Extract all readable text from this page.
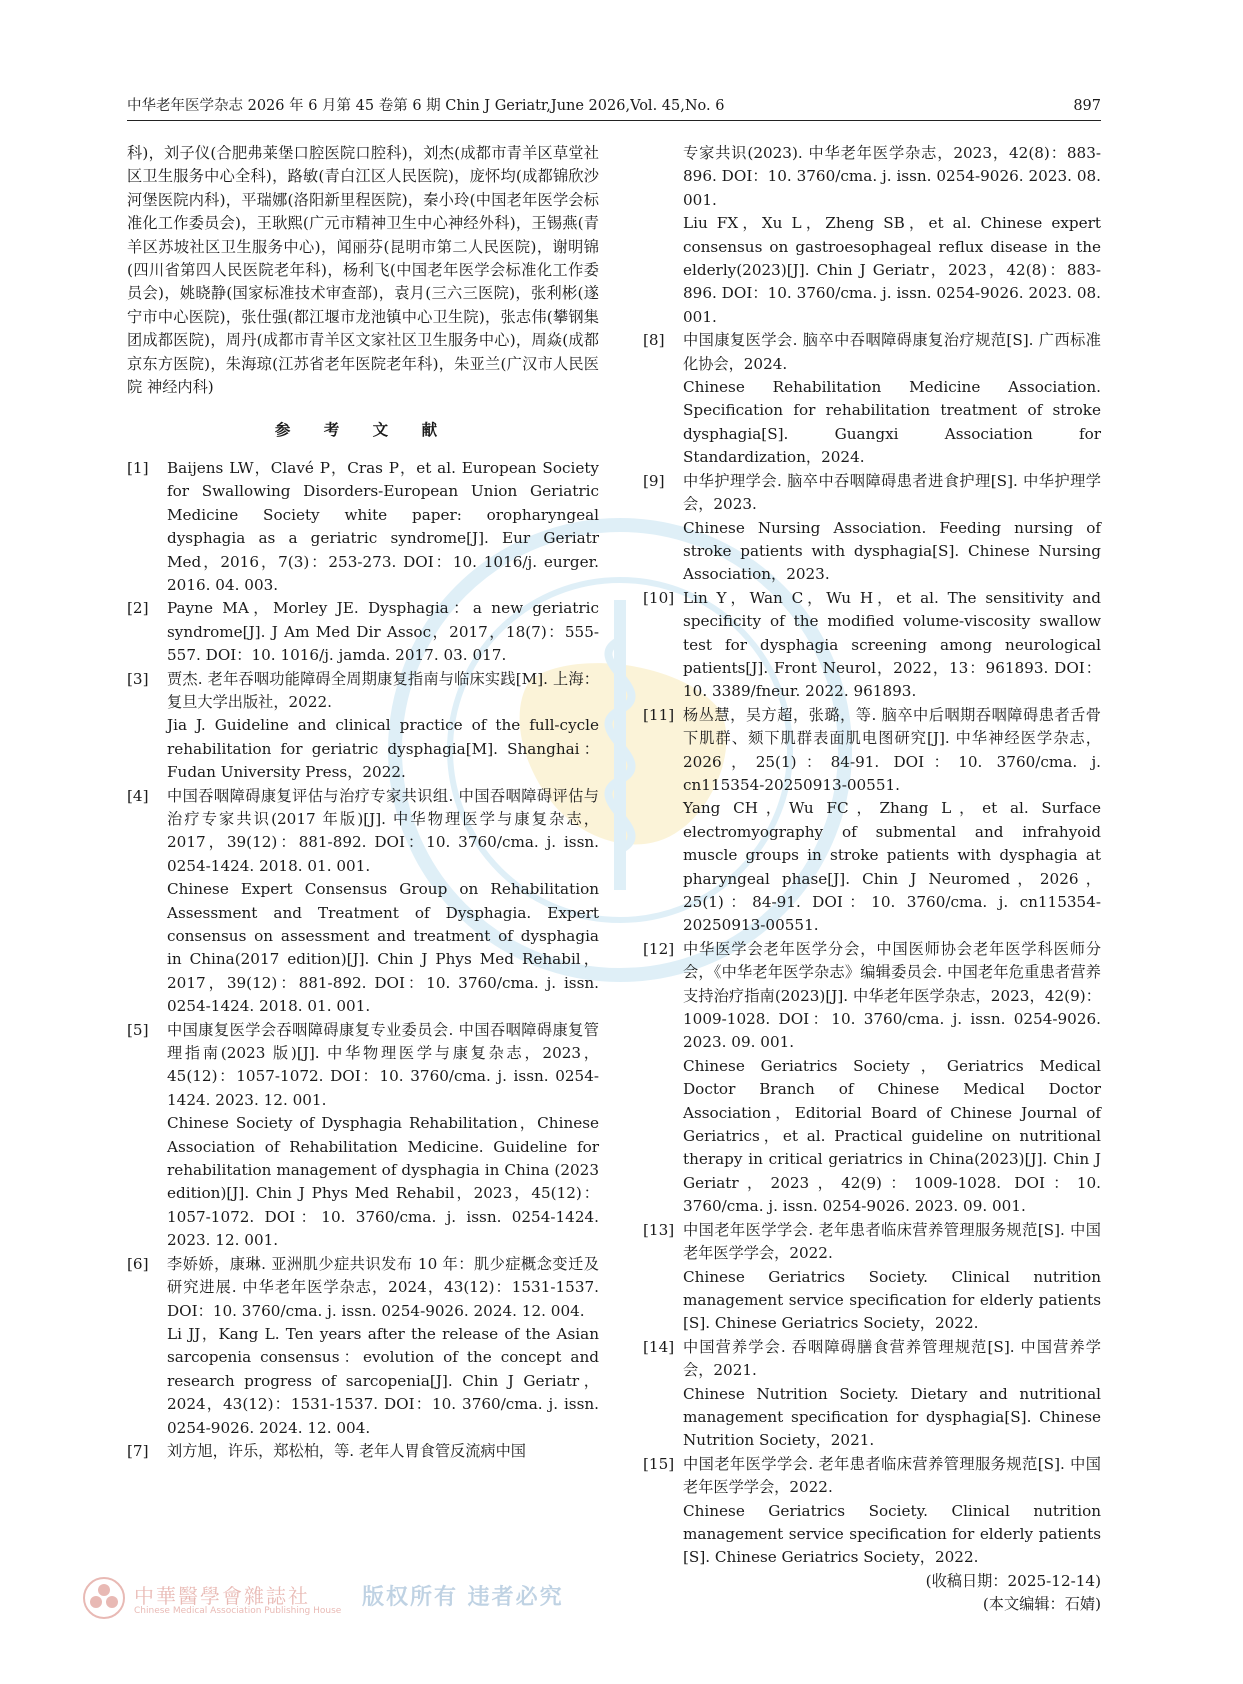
中华老年医学杂志 2026 年 6 月第 45 卷第 6 期 Chin J Geriatr,June 2026,Vol. 45,No. 6	897

科)，刘子仪(合肥弗莱堡口腔医院口腔科)，刘杰(成都市青羊区草堂社区卫生服务中心全科)，路敏(青白江区人民医院)，庞怀均(成都锦欣沙河堡医院内科)，平瑞娜(洛阳新里程医院)，秦小玲(中国老年医学会标准化工作委员会)，王耿熙(广元市精神卫生中心神经外科)，王锡燕(青羊区苏坡社区卫生服务中心)，闻丽芬(昆明市第二人民医院)，谢明锦(四川省第四人民医院老年科)，杨利飞(中国老年医学会标准化工作委员会)，姚晓静(国家标准技术审查部)，袁月(三六三医院)，张利彬(遂宁市中心医院)，张仕强(都江堰市龙池镇中心卫生院)，张志伟(攀钢集团成都医院)，周丹(成都市青羊区文家社区卫生服务中心)，周焱(成都京东方医院)，朱海琼(江苏省老年医院老年科)，朱亚兰(广汉市人民医院 神经内科)

参 考 文 献
[1]	Baijens LW，Clavé P，Cras P，et al. European Society for Swallowing Disorders-European Union Geriatric Medicine Society white paper: oropharyngeal dysphagia as a geriatric syndrome[J]. Eur Geriatr Med，2016，7(3)：253-273. DOI：10. 1016/j. eurger. 2016. 04. 003.
[2]	Payne MA，Morley JE. Dysphagia：a new geriatric syndrome[J]. J Am Med Dir Assoc，2017，18(7)：555-557. DOI：10. 1016/j. jamda. 2017. 03. 017.
[3]	贾杰. 老年吞咽功能障碍全周期康复指南与临床实践[M]. 上海：复旦大学出版社，2022.
Jia J. Guideline and clinical practice of the full-cycle rehabilitation for geriatric dysphagia[M]. Shanghai：Fudan University Press，2022.
[4]	中国吞咽障碍康复评估与治疗专家共识组. 中国吞咽障碍评估与治疗专家共识(2017 年版)[J]. 中华物理医学与康复杂志，2017，39(12)：881-892. DOI：10. 3760/cma. j. issn. 0254-1424. 2018. 01. 001.
Chinese Expert Consensus Group on Rehabilitation Assessment and Treatment of Dysphagia. Expert consensus on assessment and treatment of dysphagia in China(2017 edition)[J]. Chin J Phys Med Rehabil，2017，39(12)：881-892. DOI：10. 3760/cma. j. issn. 0254-1424. 2018. 01. 001.
[5]	中国康复医学会吞咽障碍康复专业委员会. 中国吞咽障碍康复管理指南(2023 版)[J]. 中华物理医学与康复杂志，2023，45(12)：1057-1072. DOI：10. 3760/cma. j. issn. 0254-1424. 2023. 12. 001.
Chinese Society of Dysphagia Rehabilitation，Chinese Association of Rehabilitation Medicine. Guideline for rehabilitation management of dysphagia in China (2023 edition)[J]. Chin J Phys Med Rehabil，2023，45(12)：1057-1072. DOI：10. 3760/cma. j. issn. 0254-1424. 2023. 12. 001.
[6]	李娇娇，康琳. 亚洲肌少症共识发布 10 年：肌少症概念变迁及研究进展. 中华老年医学杂志，2024，43(12)：1531-1537. DOI：10. 3760/cma. j. issn. 0254-9026. 2024. 12. 004.
Li JJ，Kang L. Ten years after the release of the Asian sarcopenia consensus：evolution of the concept and research progress of sarcopenia[J]. Chin J Geriatr，2024，43(12)：1531-1537. DOI：10. 3760/cma. j. issn. 0254-9026. 2024. 12. 004.
[7]	刘方旭，许乐，郑松柏，等. 老年人胃食管反流病中国
专家共识(2023). 中华老年医学杂志，2023，42(8)：883-896. DOI：10. 3760/cma. j. issn. 0254-9026. 2023. 08. 001.
Liu FX，Xu L，Zheng SB，et al. Chinese expert consensus on gastroesophageal reflux disease in the elderly(2023)[J]. Chin J Geriatr，2023，42(8)：883-896. DOI：10. 3760/cma. j. issn. 0254-9026. 2023. 08. 001.
[8]	中国康复医学会. 脑卒中吞咽障碍康复治疗规范[S]. 广西标准化协会，2024.
Chinese Rehabilitation Medicine Association. Specification for rehabilitation treatment of stroke dysphagia[S]. Guangxi Association for Standardization，2024.
[9]	中华护理学会. 脑卒中吞咽障碍患者进食护理[S]. 中华护理学会，2023.
Chinese Nursing Association. Feeding nursing of stroke patients with dysphagia[S]. Chinese Nursing Association，2023.
[10] Lin Y，Wan C，Wu H，et al. The sensitivity and specificity of the modified volume-viscosity swallow test for dysphagia screening among neurological patients[J]. Front Neurol，2022，13：961893. DOI：10. 3389/fneur. 2022. 961893.
[11] 杨丛慧，吴方超，张璐，等. 脑卒中后咽期吞咽障碍患者舌骨下肌群、颏下肌群表面肌电图研究[J]. 中华神经医学杂志，2026，25(1)：84-91. DOI：10. 3760/cma. j. cn115354-20250913-00551.
Yang CH，Wu FC，Zhang L，et al. Surface electromyography of submental and infrahyoid muscle groups in stroke patients with dysphagia at pharyngeal phase[J]. Chin J Neuromed，2026，25(1)：84-91. DOI：10. 3760/cma. j. cn115354-20250913-00551.
[12] 中华医学会老年医学分会，中国医师协会老年医学科医师分会，《中华老年医学杂志》编辑委员会. 中国老年危重患者营养支持治疗指南(2023)[J]. 中华老年医学杂志，2023，42(9)：1009-1028. DOI：10. 3760/cma. j. issn. 0254-9026. 2023. 09. 001.
Chinese Geriatrics Society，Geriatrics Medical Doctor Branch of Chinese Medical Doctor Association，Editorial Board of Chinese Journal of Geriatrics，et al. Practical guideline on nutritional therapy in critical geriatrics in China(2023)[J]. Chin J Geriatr，2023，42(9)：1009-1028. DOI：10. 3760/cma. j. issn. 0254-9026. 2023. 09. 001.
[13] 中国老年医学学会. 老年患者临床营养管理服务规范[S]. 中国老年医学学会，2022.
Chinese Geriatrics Society. Clinical nutrition management service specification for elderly patients [S]. Chinese Geriatrics Society，2022.
[14] 中国营养学会. 吞咽障碍膳食营养管理规范[S]. 中国营养学会，2021.
Chinese Nutrition Society. Dietary and nutritional management specification for dysphagia[S]. Chinese Nutrition Society，2021.
[15] 中国老年医学学会. 老年患者临床营养管理服务规范[S]. 中国老年医学学会，2022.
Chinese Geriatrics Society. Clinical nutrition management service specification for elderly patients [S]. Chinese Geriatrics Society，2022.
(收稿日期：2025-12-14)
(本文编辑：石婧)
中華醫學會雜誌社
Chinese Medical Association Publishing House
版权所有 违者必究
